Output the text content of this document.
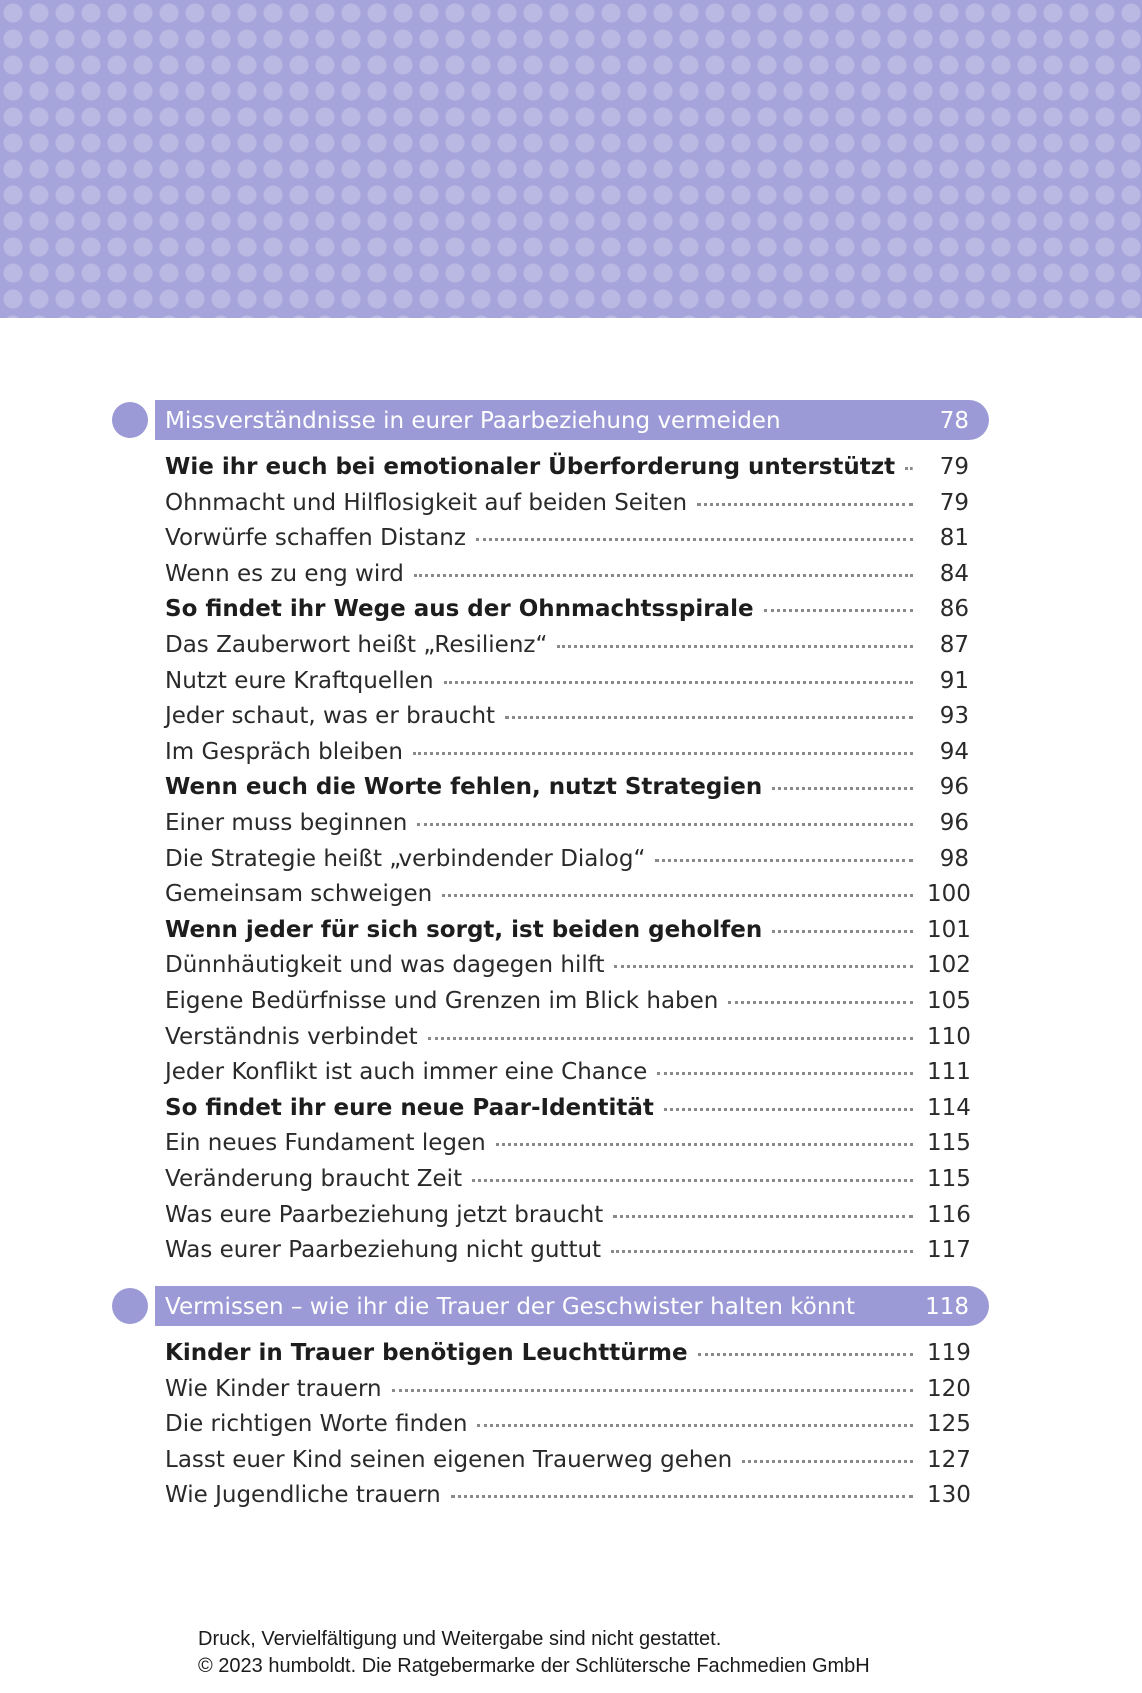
Missverständnisse in eurer Paarbeziehung vermeiden	78
Wie ihr euch bei emotionaler Überforderung unterstützt	79
Ohnmacht und Hilflosigkeit auf beiden Seiten	79
Vorwürfe schaffen Distanz	81
Wenn es zu eng wird	84
So findet ihr Wege aus der Ohnmachtsspirale	86
Das Zauberwort heißt „Resilienz“	87
Nutzt eure Kraftquellen	91
Jeder schaut, was er braucht	93
Im Gespräch bleiben	94
Wenn euch die Worte fehlen, nutzt Strategien	96
Einer muss beginnen	96
Die Strategie heißt „verbindender Dialog“	98
Gemeinsam schweigen	100
Wenn jeder für sich sorgt, ist beiden geholfen	101
Dünnhäutigkeit und was dagegen hilft	102
Eigene Bedürfnisse und Grenzen im Blick haben	105
Verständnis verbindet	110
Jeder Konflikt ist auch immer eine Chance	111
So findet ihr eure neue Paar-Identität	114
Ein neues Fundament legen	115
Veränderung braucht Zeit	115
Was eure Paarbeziehung jetzt braucht	116
Was eurer Paarbeziehung nicht guttut	117
Vermissen – wie ihr die Trauer der Geschwister halten könnt	118
Kinder in Trauer benötigen Leuchttürme	119
Wie Kinder trauern	120
Die richtigen Worte finden	125
Lasst euer Kind seinen eigenen Trauerweg gehen	127
Wie Jugendliche trauern	130
Druck, Vervielfältigung und Weitergabe sind nicht gestattet.
© 2023 humboldt. Die Ratgebermarke der Schlütersche Fachmedien GmbH
